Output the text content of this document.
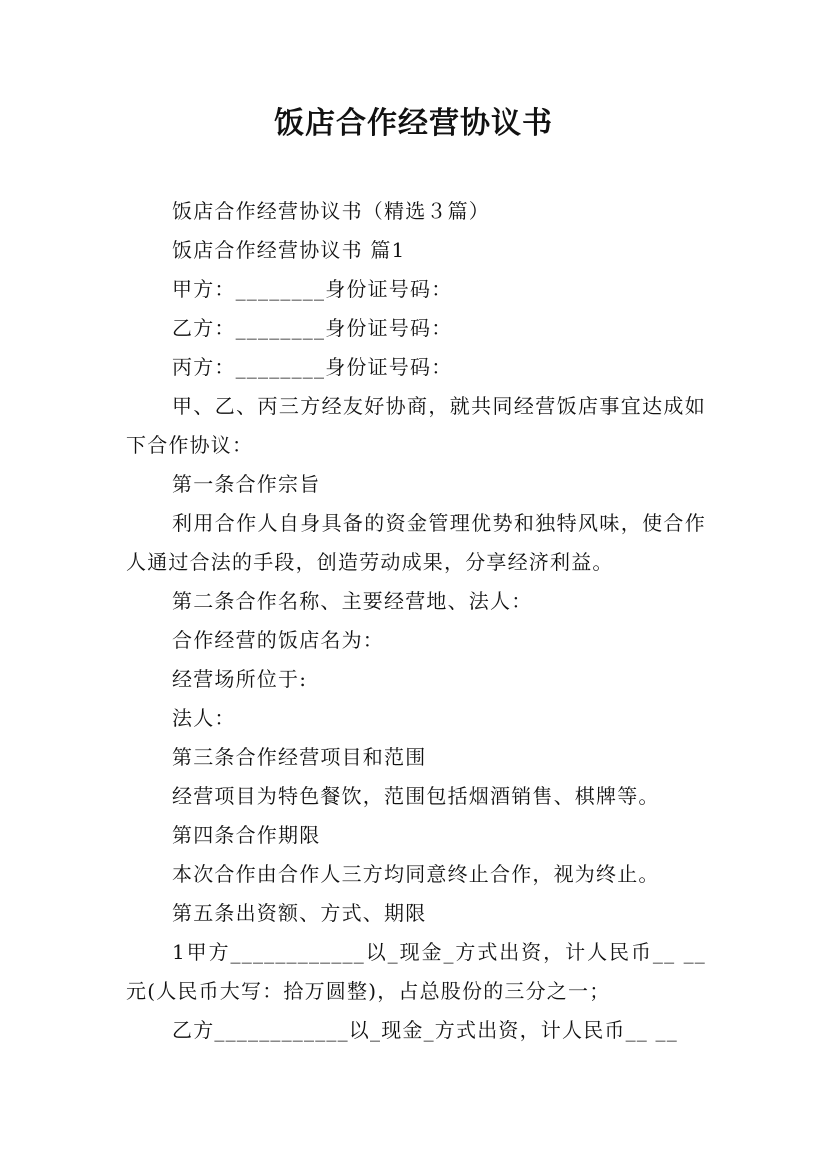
饭店合作经营协议书

饭店合作经营协议书（精选３篇）

饭店合作经营协议书 篇1

甲方：________身份证号码：

乙方：________身份证号码：

丙方：________身份证号码：

甲、乙、丙三方经友好协商，就共同经营饭店事宜达成如下合作协议：

第一条合作宗旨

利用合作人自身具备的资金管理优势和独特风味，使合作人通过合法的手段，创造劳动成果，分享经济利益。

第二条合作名称、主要经营地、法人：

合作经营的饭店名为：

经营场所位于:

法人：

第三条合作经营项目和范围

经营项目为特色餐饮，范围包括烟酒销售、棋牌等。

第四条合作期限

本次合作由合作人三方均同意终止合作，视为终止。

第五条出资额、方式、期限

1甲方____________以_现金_方式出资，计人民币__ __元(人民币大写：拾万圆整)，占总股份的三分之一；

乙方____________以_现金_方式出资，计人民币__ __
